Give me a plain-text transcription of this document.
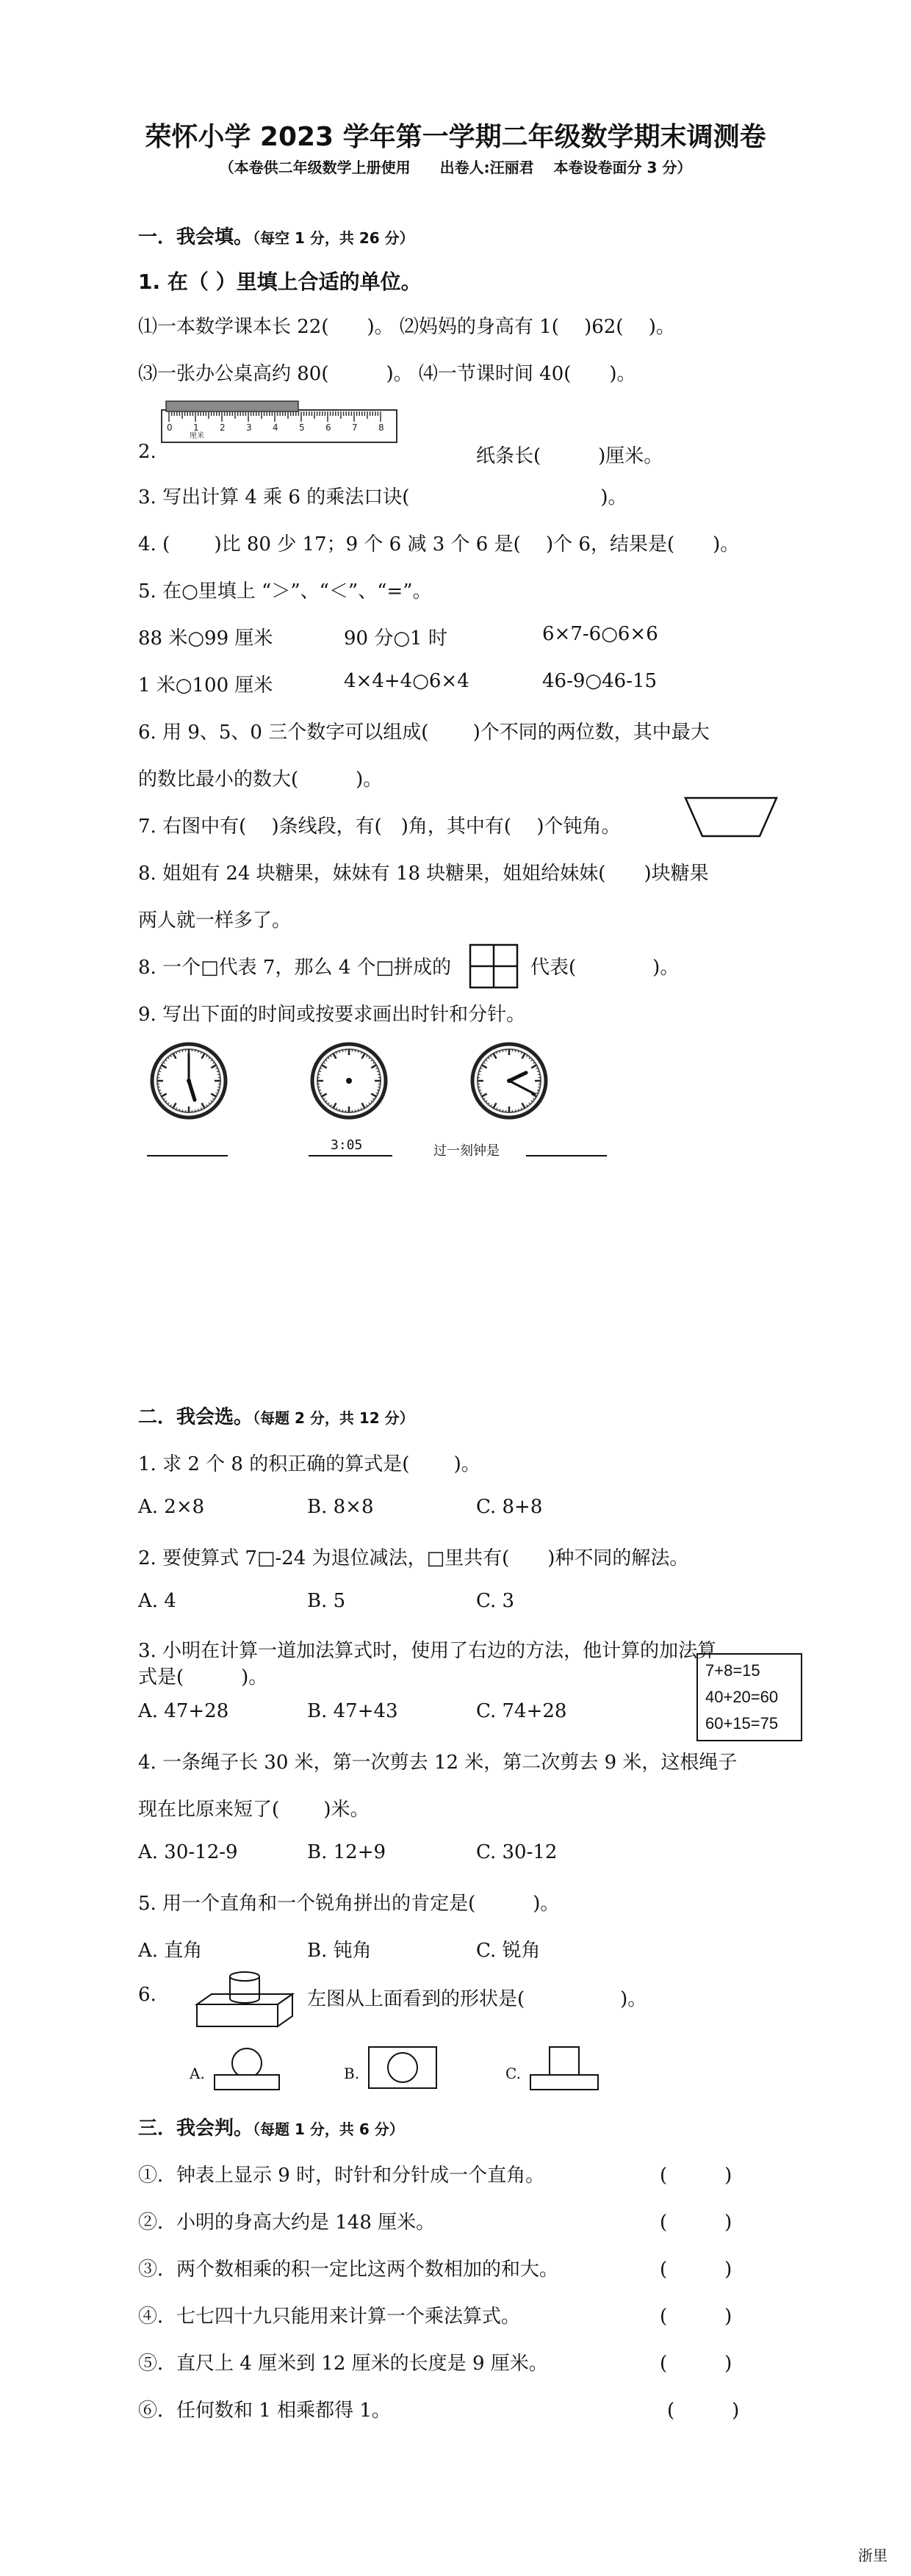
荣怀小学 2023 学年第一学期二年级数学期末调测卷
（本卷供二年级数学上册使用　　出卷人:汪丽君　 本卷设卷面分 3 分）
一．我会填。（每空 1 分，共 26 分）
1. 在（ ）里填上合适的单位。
⑴一本数学课本长 22(　　)。 ⑵妈妈的身高有 1(　 )62(　 )。
⑶一张办公桌高约 80(　　　)。 ⑷一节课时间 40(　　)。
2.
0 1 2 3 4 5 6 7 8
厘米
纸条长(　　　)厘米。
3. 写出计算 4 乘 6 的乘法口诀(　　　　　　　　　　)。
4. (　　 )比 80 少 17；9 个 6 减 3 个 6 是(　 )个 6，结果是(　　)。
5. 在○里填上 “＞”、“＜”、“=”。
88 米○99 厘米	90 分○1 时	6×7-6○6×6
1 米○100 厘米	4×4+4○6×4	46-9○46-15
6. 用 9、5、0 三个数字可以组成(　　 )个不同的两位数，其中最大
的数比最小的数大(　　　)。
7. 右图中有(　 )条线段，有(　)角，其中有(　 )个钝角。
8. 姐姐有 24 块糖果，妹妹有 18 块糖果，姐姐给妹妹(　　)块糖果
两人就一样多了。
8. 一个□代表 7，那么 4 个□拼成的	代表(　　　　)。
9. 写出下面的时间或按要求画出时针和分针。
3:05	过一刻钟是
二．我会选。（每题 2 分，共 12 分）
1. 求 2 个 8 的积正确的算式是(　　 )。
A. 2×8	B. 8×8	C. 8+8
2. 要使算式 7□-24 为退位减法，□里共有(　　)种不同的解法。
A. 4	B. 5	C. 3
3. 小明在计算一道加法算式时，使用了右边的方法，他计算的加法算
式是(　　　)。	7+8=15
40+20=60
60+15=75
A. 47+28	B. 47+43	C. 74+28
4. 一条绳子长 30 米，第一次剪去 12 米，第二次剪去 9 米，这根绳子
现在比原来短了(　　 )米。
A. 30-12-9	B. 12+9	C. 30-12
5. 用一个直角和一个锐角拼出的肯定是(　　　)。
A. 直角	B. 钝角	C. 锐角
6.	左图从上面看到的形状是(　　　　　)。
A.	B.	C.
三．我会判。（每题 1 分，共 6 分）
①．钟表上显示 9 时，时针和分针成一个直角。	(　　　)
②．小明的身高大约是 148 厘米。	(　　　)
③．两个数相乘的积一定比这两个数相加的和大。	(　　　)
④．七七四十九只能用来计算一个乘法算式。	(　　　)
⑤．直尺上 4 厘米到 12 厘米的长度是 9 厘米。	(　　　)
⑥．任何数和 1 相乘都得 1。	(　　　)
浙里
